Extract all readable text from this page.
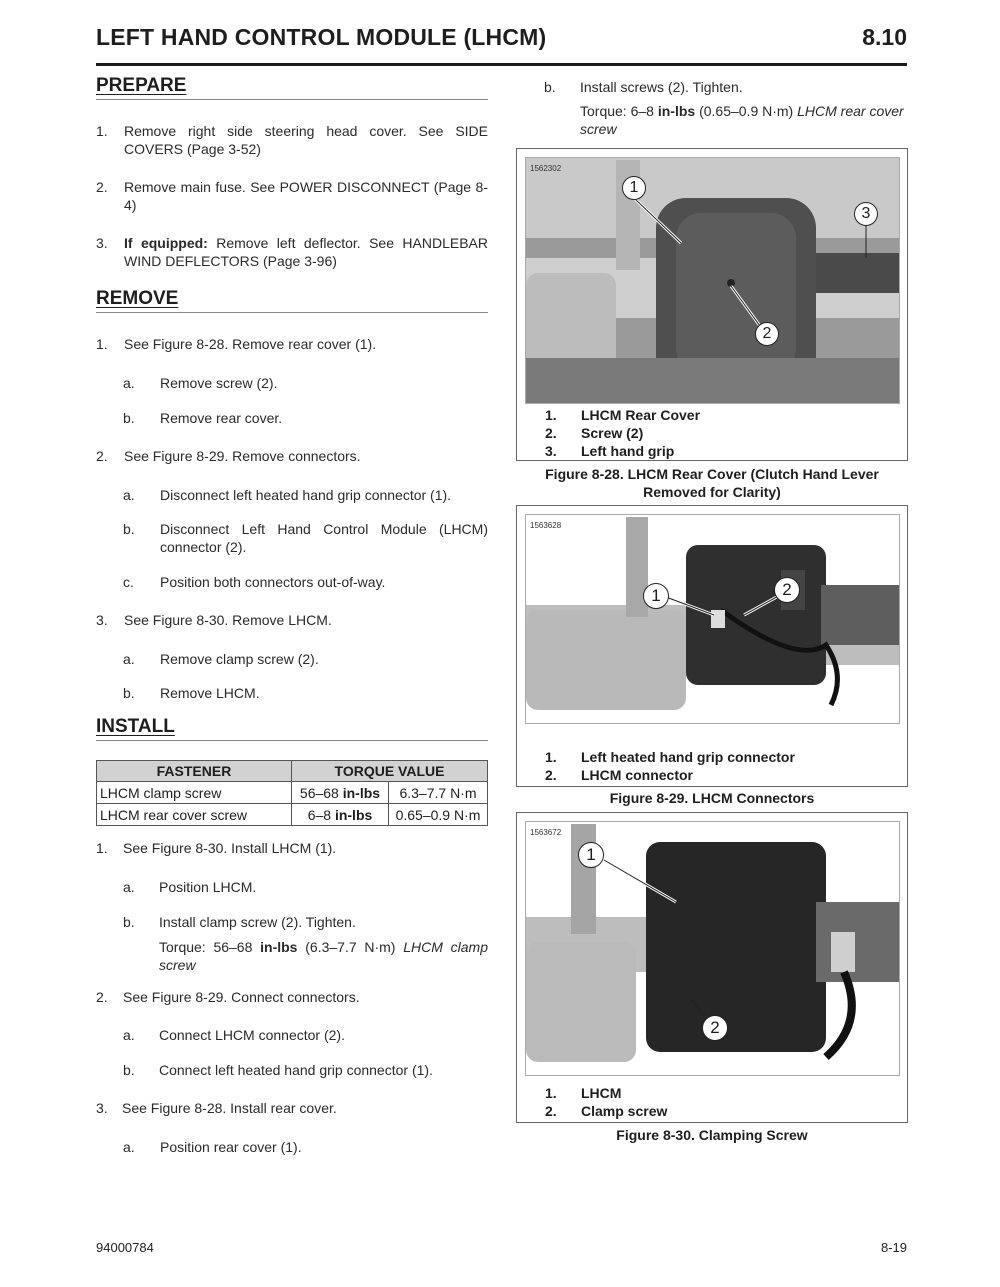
LEFT HAND CONTROL MODULE (LHCM)	8.10
PREPARE
1. Remove right side steering head cover. See SIDE COVERS (Page 3-52)
2. Remove main fuse. See POWER DISCONNECT (Page 8-4)
3. If equipped: Remove left deflector. See HANDLEBAR WIND DEFLECTORS (Page 3-96)
REMOVE
1. See Figure 8-28. Remove rear cover (1).
a. Remove screw (2).
b. Remove rear cover.
2. See Figure 8-29. Remove connectors.
a. Disconnect left heated hand grip connector (1).
b. Disconnect Left Hand Control Module (LHCM) connector (2).
c. Position both connectors out-of-way.
3. See Figure 8-30. Remove LHCM.
a. Remove clamp screw (2).
b. Remove LHCM.
INSTALL
FASTENER	TORQUE VALUE	
LHCM clamp screw	56–68 in-lbs	6.3–7.7 N·m
LHCM rear cover screw	6–8 in-lbs	0.65–0.9 N·m
1. See Figure 8-30. Install LHCM (1).
a. Position LHCM.
b. Install clamp screw (2). Tighten.
Torque: 56–68 in-lbs (6.3–7.7 N·m) LHCM clamp screw
2. See Figure 8-29. Connect connectors.
a. Connect LHCM connector (2).
b. Connect left heated hand grip connector (1).
3. See Figure 8-28. Install rear cover.
a. Position rear cover (1).
b. Install screws (2). Tighten.
Torque: 6–8 in-lbs (0.65–0.9 N·m) LHCM rear cover screw
1562302
1
2
3
1. LHCM Rear Cover
2. Screw (2)
3. Left hand grip
Figure 8-28. LHCM Rear Cover (Clutch Hand Lever Removed for Clarity)
1563628
1	2
1. Left heated hand grip connector
2. LHCM connector
Figure 8-29. LHCM Connectors
1563672
1
2
1. LHCM
2. Clamp screw
Figure 8-30. Clamping Screw
94000784	8-19
